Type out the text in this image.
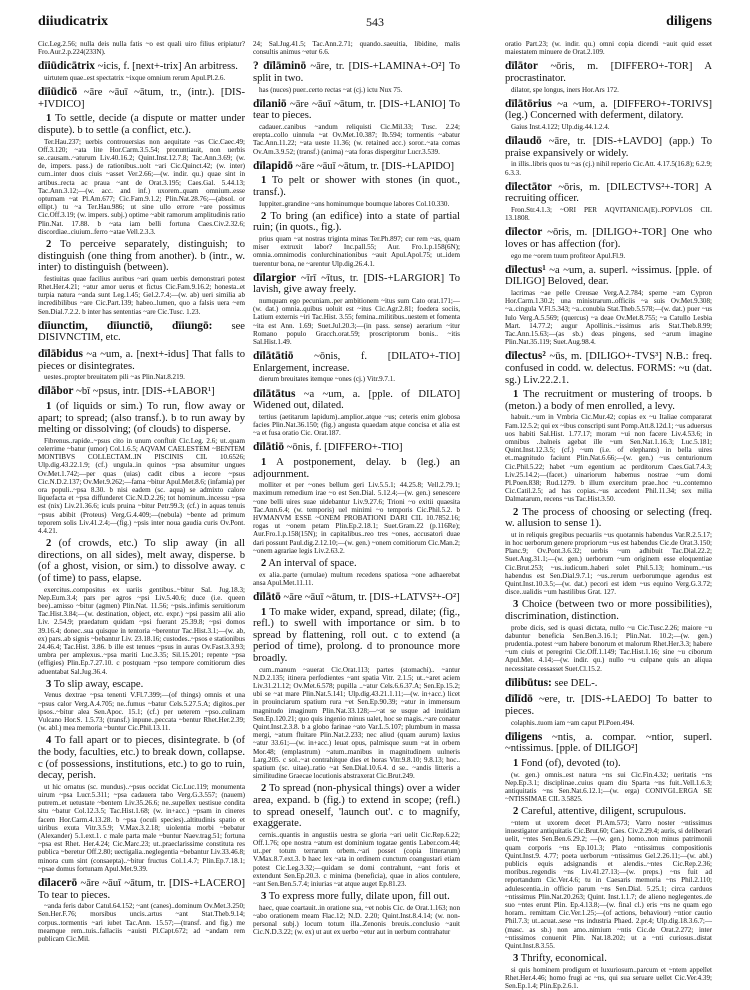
diiudicatrix	543	diligens
Cic.Leg.2.56; nulla deis nulla fatis ~o est quali uiro filius eripiatur? Fro.Aur.2.p.224(233N).
dīiūdicātrix ~icis, f. [next+-trix] An arbitress.
uirtutem quae..est spectatrix ~ixque omnium rerum Apul.Pl.2.6.
dīiūdicō ~āre ~āuī ~ātum, tr., (intr.). [DIS-+IVDICO]
1 To settle, decide (a dispute or matter under dispute). b to settle (a conflict, etc.).
Ter.Hau.237; uerbis controuersias non aequitate ~as Cic.Caec.49; Off.3.120; ~ata lite Hor.Carm.3.5.54; pronuntiauit, non uerbis se..causam..~aturum Liv.40.16.2; Quint.Inst.12.7.8; Tac.Ann.3.69; (w. de, impers. pass.) de rationibus..uolt ~ari Cic.Quinct.42; (w. inter) cum..inter duos ciuis ~asset Ver.2.66;—(w. indir. qu.) quae sint in artibus..recta ac praua ~ant de Orat.3.195; Caes.Gal. 5.44.13; Tac.Ann.3.12;—(w. acc. and inf.) uxorem..quam omnium..esse optumam ~at Pl.Am.677; Cic.Fam.9.1.2; Plin.Nat.28.76;—(absol. or ellipt.) tu ~a Ter.Hau.986; ut sine ullo errore ~are possimus Cic.Off.3.19; (w. impers. subj.) optime ~abit ramorum amplitudinis ratio Plin.Nat. 17.88. b ~ata iam belli fortuna Caes.Civ.2.32.6; discordiae..ciuium..ferro ~atae Vell.2.3.3.
2 To perceive separately, distinguish; to distinguish (one thing from another). b (intr., w. inter) to distinguish (between).
festiuitas quae facilius auribus ~ari quam uerbis demonstrari potest Rhet.Her.4.21; ~atur amor uerus et fictus Cic.Fam.9.16.2; honesta..et turpia natura ~anda sunt Leg.1.45; Gel.2.7.4;—(w. ab) ueri similia ab incredibilibus ~are Cic.Part.139; habeo..lumen, quo a falsis uera ~em Sen.Dial.7.2.2. b inter has sententias ~are Cic.Tusc. 1.23.
dīiunctim, dīiunctiō, dīiungō: see DISIVNCTIM, etc.
dīlābidus ~a ~um, a. [next+-idus] That falls to pieces or disintegrates.
uestes..propter breuitatem pili ~as Plin.Nat.8.219.
dīlābor ~bī ~psus, intr. [DIS-+LABOR¹]
1 (of liquids or sim.) To run, flow away or apart; to spread; (also transf.). b to run away by melting or dissolving; (of clouds) to disperse.
Fibrenus..rapide..~psus cito in unum confluit Cic.Leg. 2.6; ut..quam celerrime ~batur (umor) Col.1.6.5; AQVAM CAELESTEM ~BENTEM MONTIBVS COLLECTAM..IN PISCINIS CIL 10.6526; Ulp.dig.43.22.1.9; (cf.) ungula..in quinos ~psa absumitur ungues Ov.Met.1.742;—per quas (uias) cadit cibus a iecore ~psus Cic.N.D.2.137; Ov.Met.9.262;—fama ~bitur Apul.Met.8.6; (infamia) per ora populi..~psa 8.30. b nisi eadem (sc. aqua) se admixto calore liquefacta et ~psa diffunderet Cic.N.D.2.26; tot hominum..incessu ~psa est (nix) Liv.21.36.6; iculs pruina ~bitur Petr.99.3; (cf.) in aquas tenuis ~psus abibit (Proteus) Verg.G.4.409;—(nebula) ~bente ad primum teporem solis Liv.41.2.4;—(fig.) ~psis inter noua gaudia curis Ov.Pont. 4.4.21.
2 (of crowds, etc.) To slip away (in all directions, on all sides), melt away, disperse. b (of a ghost, vision, or sim.) to dissolve away. c (of time) to pass, elapse.
exercitus..compositus ex uariis gentibus..~bitur Sal. Jug.18.3; Nep.Eum.3.4; pars per agros ~psi Liv.5.40.6; duce (i.e. queen bee)..amisso ~bitur (agmen) Plin.Nat. 11.56; ~psis..infimis seruitiorum Tac.Hist.3.84;—(w. destination, object, etc. expr.) ~psi passim alii alio Liv. 2.54.9; praedatum quidam ~psi fuerant 25.39.8; ~psi domos 39.16.4; donec..sua quisque in tentoria ~berentur Tac.Hist.3.1;—(w. ab, ex) pars..ab signis ~bebantur Liv. 23.18.16; custodes..~psos e stationibus 24.46.4; Tac.Hist. 3.86. b ille est tenues ~psus in auras Ov.Fast.3.3.93; umbra per amplexus..~psa mariti Luc.3.35; Sil.15.201; repente ~psa (effigies) Plin.Ep.7.27.10. c postquam ~pso tempore comitiorum dies aduentabat Sal.Jug.36.4.
3 To slip away, escape.
Venus dextrae ~psa tenenti V.Fl.7.399;—(of things) omnis et una ~psus calor Verg.A.4.705; ne..fumus ~batur Cels.5.27.5.A; digitos..per ipsos..~bitur alea Sen.Apoc. 15.1; (cf.) per ueterem ~pso..culinam Vulcano Hor.S. 1.5.73; (transf.) inpune..peccata ~bentur Rhet.Her.2.39; (w. abl.) mea memoria ~buntur Cic.Phil.13.11.
4 To fall apart or to pieces, disintegrate. b (of the body, faculties, etc.) to break down, collapse. c (of possessions, institutions, etc.) to go to ruin, decay, perish.
ut hic ornatus (sc. mundus)..~psus occidat Cic.Luc.119; monumenta uirum ~psa Lucr.5.311; ~psa cadauera tabo Verg.G.3.557; (nauem) putrem..et uetustate ~bentem Liv.35.26.6; ne..supellex uestisue condita situ ~batur Col.12.3.5; Tac.Hist.1.68; (w. in+acc.) ~psam in cineres facem Hor.Carm.4.13.28. b ~psa (oculi species)..altitudinis spatio et uiribus exuta Vitr.3.5.9; V.Max.3.2.18; uiolentia morbi ~bebatur (Alexander) 5.1.ext.1. c male parta male ~buntur Naev.trag.51; fortuna ~psa est Rhet. Her.4.24; Cic.Marc.23; ut..praeclarissime constituta res publica ~beretur Off.2.80; uectigalia..neglegentia ~bebantur Liv.33.46.8; minora cum sint (consaepta)..~bitur fructus Col.1.4.7; Plin.Ep.7.18.1; ~psae domus fortunam Apul.Met.9.39.
dīlacerō ~āre ~āuī ~ātum, tr. [DIS-+LACERO] To tear to pieces.
~anda feris dabor Catul.64.152; ~ant (canes)..dominum Ov.Met.3.250; Sen.Her.F.76; morsibus uncis..artus ~ant Stat.Theb.9.14; corpus..tormentis ~ari iubet Tac.Ann. 15.57;—(transf. and fig.) me meamque rem..tuis..fallaciis ~auisti Pl.Capt.672; ad ~andam rem publicam Cic.Mil.
24; Sal.Jug.41.5; Tac.Ann.2.71; quando..saeuitia, libidine, malis consultis animus ~etur 6.6.
? dīlāminō ~āre, tr. [DIS-+LAMINA+-O²] To split in two.
has (nuces) puer..certo rectas ~at (cj.) ictu Nux 75.
dīlaniō ~āre ~āuī ~ātum, tr. [DIS-+LANIO] To tear to pieces.
cadauer..canibus ~andum reliquisti Cic.Mil.33; Tusc. 2.24; erepta..collo uinnula ~at Ov.Met.10.387; Ib.594; tormentis ~abatur Tac.Ann.11.22; ~ata ueste 11.36; (w. retained acc.) soror..~ata comas Ov.Am.3.9.52; (transf.) (anima) ~ata foras dispergitur Lucr.3.539.
dīlapidō ~āre ~āuī ~ātum, tr. [DIS-+LAPIDO]
1 To pelt or shower with stones (in quot., transf.).
Iuppiter..grandine ~ans hominumque boumque labores Col.10.330.
2 To bring (an edifice) into a state of partial ruin; (in quots., fig.).
prius quam ~at nostras triginta minas Ter.Ph.897; cur rem ~as, quam miser extruxit labor? Inc.pall.55; Aur. Fro.1.p.158(6N); omnia..omnimodis conlurchinationibus ~auit Apul.Apol.75; ut..idem tuerentur bona, ne ~arentur Ulp.dig.26.4.1.
dīlargior ~īrī ~ītus, tr. [DIS-+LARGIOR] To lavish, give away freely.
numquam ego pecuniam..per ambitionem ~itus sum Cato orat.171;—(w. dat.) omnia..quibus uoluit est ~itus Cic.Agr.2.81; foedera sociis, Latium externis ~iri Tac.Hist. 3.55; femina..militibus..uestem et fomenta ~ita est Ann. 1.69; Suet.Jul.20.3;—(in pass. sense) aerarium ~itur Romano populo Gracch.orat.59; proscriptorum bonis.. ~itis Sal.Hist.1.49.
dīlātātiō ~ōnis, f. [DILATO+-TIO] Enlargement, increase.
dierum breuitates itemque ~ones (cj.) Vitr.9.7.1.
dīlātātus ~a ~um, a. [pple. of DILATO] Widened out, dilated.
tertius (aetitarum lapidum)..amplior..atque ~us; ceteris enim globosa facies Plin.Nat.36.150; (fig.) angusta quaedam atque concisa et alia est ~a et fusa oratio Cic. Orat.187.
dīlātiō ~ōnis, f. [DIFFERO+-TIO]
1 A postponement, delay. b (leg.) an adjournment.
molliter et per ~ones bellum geri Liv.5.5.1; 44.25.8; Vell.2.79.1; maximum remedium irae ~o est Sen.Dial. 5.12.4;—(w. gen.) senescere ~one belli uires suae uidebantur Liv.9.27.6; Trioni ~o exitii quaesita Tac.Ann.6.4; (w. temporis) uel minimi ~o temporis Cic.Phil.5.2. b HVMANVM ESSE ~ONEM PROBATIONI DARI CIL 10.7852.16; rogas ut ~onem petam Plin.Ep.2.18.1; Suet.Gram.22 (p.116Re); Aur.Fro.1.p.158(15N); in capitalibus..reo tres ~ones, accusatori duae dari possunt Paul.dig.2.12.10;—(w. gen.) ~onem comitiorum Cic.Man.2; ~onem agrariae legis Liv.2.63.2.
2 An interval of space.
ex alia..parte (urnulae) multum recedens spatiosa ~one adhaerebat ansa Apul.Met.11.11.
dīlātō ~āre ~āuī ~ātum, tr. [DIS-+LATVS²+-O²]
1 To make wider, expand, spread, dilate; (fig., refl.) to swell with importance or sim. b to spread by flattening, roll out. c to extend (a period of time), prolong. d to pronounce more broadly.
cum..manum ~auerat Cic.Orat.113; partes (stomachi).. ~antur N.D.2.135; itinera perfodientes ~ant spatia Vitr. 2.1.5; ut..~aret aciem Liv.31.21.12; Ov.Met.6.578; pupilla ..~atur Cels.6.6.37.A; Sen.Ep.15.2; ubi se ~at mare Plin.Nat.5.141; Ulp.dig.43.21.1.11;—(w. in+acc.) licet in prouinciarum spatium rura ~et Sen.Ep.90.39; ~atur in immensum magnitudo imaginum Plin.Nat.33.128;—~at se usque ad inuidiam Sen.Ep.120.21; quo quis ingenio minus ualet, hoc se magis..~are conatur Quint.Inst.2.3.8. b a globo farinae ~ato Var.L.5.107; plumbum in massa mergi, ~atum fluitare Plin.Nat.2.233; nec aliud (quam aurum) laxius ~atur 33.61;—(w. in+acc.) leuat opus, palmisque suum ~at in orbem Mor.48; (emplastrum) ~atum..manibus in magnitudinem uulneris Larg.205. c sol..~at contrahitque dies et horas Vitr.9.8.10; 9.8.13; hoc.. spatium (sc. uitae)..ratio ~at Sen.Dial.10.6.4. d se.. ~andis litteris a similitudine Graecae locutionis abstraxerat Cic.Brut.249.
2 To spread (non-physical things) over a wider area, expand. b (fig.) to extend in scope; (refl.) to spread oneself, 'launch out'. c to magnify, exaggerate.
cernis..quantis in angustiis uestra se gloria ~ari uelit Cic.Rep.6.22; Off.1.76; ope nostra ~atum est dominium togatae gentis Laber.com.44; ut..per totum terrarum orbem..~ari posset (copia litterarum) V.Max.8.7.ext.3. b haec lex ~ata in ordinem cunctum coangustari etiam potest Cic.Leg.3.32;—quidam se domi contrahunt, ~ant foris et extendunt Sen.Ep.20.3. c minima (beneficia), quae in alios contulere, ~ant Sen.Ben.5.7.4; iniurias ~at atque auget Ep.81.23.
3 To express more fully, dilate upon, fill out.
haec, quae coartauit..in oratione sua, ~et nobis Cic. de Orat.1.163; non ~abo orationem meam Flac.12; N.D. 2.20; Quint.Inst.8.4.14; (w. non-personal subj.) locum totum illa..Zenonis breuis..conclusio ~auit Cic.N.D.3.22; (w. ex) ut aut ex uerbo ~etur aut in uerbum contrahatur
oratio Part.23; (w. indir. qu.) omni copia dicendi ~auit quid esset maiestatem minuere de Orat.2.109.
dīlātor ~ōris, m. [DIFFERO+-TOR] A procrastinator.
dilator, spe longus, iners Hor.Ars 172.
dīlātōrius ~a ~um, a. [DIFFERO+-TORIVS] (leg.) Concerned with deferment, dilatory.
Gaius Inst.4.122; Ulp.dig.44.1.2.4.
dīlaudō ~āre, tr. [DIS-+LAVDO] (app.) To praise expansively or widely.
in illis..libris quos tu ~as (cj.) nihil reperio Cic.Att. 4.17.5(16.8); 6.2.9; 6.3.3.
dīlectātor ~ōris, m. [DILECTVS²+-TOR] A recruiting officer.
Fron.Str.4.1.3; ~ORI PER AQVITANICA(E)..POPVLOS CIL 13.1808.
dīlector ~ōris, m. [DILIGO+-TOR] One who loves or has affection (for).
ego me ~orem tuum profiteor Apul.Fl.9.
dīlectus¹ ~a ~um, a. superl. ~issimus. [pple. of DILIGO] Beloved, dear.
lacrimas ~ae pelle Creusae Verg.A.2.784; sperne ~am Cypron Hor.Carm.1.30.2; una ministrarum..officiis ~a suis Ov.Met.9.308; ~a..cingula V.Fl.5.343; ~a..conubia Stat.Theb.5.578;—(w. dat.) puer ~us Iulo Verg.A.5.569; (quercus) ~a deae Ov.Met.8.755; ~a Catullo Lesbia Mart. 14.77.2; augur Apollinis..~issimus aris Stat.Theb.8.99; Tac.Ann.15.63;—(as sb.) deas pingens, sed ~arum imagine Plin.Nat.35.119; Suet.Aug.98.4.
dīlectus² ~ūs, m. [DILIGO+-TVS³] N.B.: freq. confused in codd. w. delectus. FORMS: ~u (dat. sg.) Liv.22.2.1.
1 The recruitment or mustering of troops. b (meton.) a body of men enrolled, a levy.
habuit..~um in Vmbria Cic.Mur.42; copias ex ~u Italiae compararat Fam.12.5.2; qui ex ~ibus conscripti sunt Pomp.Att.8.12d.1; ~us aduersus uos habiti Sal.Hist. 1.77.17; moram ~ui non facere Liv.4.53.6; in omnibus ..balneis agebat ille ~um Sen.Nat.1.16.3; Luc.5.181; Quint.Inst.12.3.5; (cf.) ~um (i.e. of elephants) in bella uires et..magnitudo faciunt Plin.Nat.6.66;—(w. gen.) ~us centurionum Cic.Phil.5.22; habet ~um egentium ac perditorum Caes.Gal.7.4.3; Liv.25.14.2;—(facet.) uinariorum habemus nostrae ~um domi Pl.Poen.838; Rud.1279. b illum exercitum prae..hoc ~u..contemno Cic.Catil.2.5; ad has copias..~us accedent Phil.11.34; sex milia Dalmatarum, recens ~us Tac.Hist.3.50.
2 The process of choosing or selecting (freq. w. allusion to sense 1).
ut in reliquis gregibus pecuariis ~us quotannis habendus Var.R.2.5.17; in hoc uerborum genere propriorum ~us est habendus Cic.de Orat.3.150; Planc.9; Ov.Pont.3.6.32; uerbis ~um adhibuit Tac.Dial.22.2; Suet.Aug.31.1;—(w. gen.) uerborum ~um originem esse eloquentiae Cic.Brut.253; ~us..iudicum..haberi solet Phil.5.13; hominum..~us habendus est Sen.Dial.9.7.1; ~us..rerum uerborumque agendus est Quint.Inst.10.3.5;—(w. dat.) pecori est idem ~us equino Verg.G.3.72; disce..ualidis ~um hastilibus Grat. 127.
3 Choice (between two or more possibilities), discrimination, distinction.
probe dicis, sed is quasi dictata, nullo ~u Cic.Tusc.2.26; maiore ~u dabuntur beneficia Sen.Ben.3.16.1; Plin.Nat. 10.2;—(w. gen.) prudentia..potest ~um habere bonorum et malorum Rhet.Her.3.3; habere ~um ciuis et peregrini Cic.Off.1.149; Tac.Hist.1.16; sine ~u ciborum Apul.Met. 4.14;—(w. indir. qu.) nullo ~u culpane quis an aliqua necessitate cessasset Suet.Cl.15.2.
dīlibūtus: see DEL-.
dīlīdō ~ere, tr. [DIS-+LAEDO] To batter to pieces.
colaphis..tuom iam ~am caput Pl.Poen.494.
dīligens ~ntis, a. compar. ~ntior, superl. ~ntissimus. [pple. of DILIGO²]
1 Fond (of), devoted (to).
(w. gen.) omnis..est natura ~ns sui Cic.Fin.4.32; ueritatis ~ns Nep.Ep.3.1; disciplinae..cuius quam diu Sparta ~ns fuit..Vell.1.6.3; antiquitatis ~ns Sen.Nat.6.12.1;—(w. erga) CONIVGI..ERGA SE ~NTISSIMAE CIL 3.5825.
2 Careful, attentive, diligent, scrupulous.
~ntem ut uxorem decet Pl.Am.573; Varro noster ~ntissimus inuestigator antiquitatis Cic.Brut.60; Caes. Civ.2.29.4; auris, si deliberari uelit, ~ntes Sen.Ben.6.29.2; —(w. gen.) homo..non minus patrimonii quam corporis ~ns Ep.101.3; Plato ~ntissimus compositionis Quint.Inst.9. 4.77; poeta uerborum ~ntissimus Gel.2.26.11;—(w. abl.) publicis equis adsignandis et alendis..~ntes Cic.Rep.2.36; moribus..regendis ~ns Liv.41.27.13;—(w. preps.) ~ns fuit ad reportandum Cic.Ver.4.6; tu in Caesaris memoria ~ns Phil.2.110; adulescentia..in officio parum ~ns Sen.Dial. 5.25.1; circa carduos ~ntissimus Plin.Nat.20.263; Quint. Inst.1.1.7; de alieno neglegentes..de suo ~ntes erunt Plin. Ep.4.13.8;—(w. final cl.) eris ~ns ne quam ego horam.. remittam Cic.Ver.1.25;—(of actions, behaviour) ~ntior cautio Phil.7.3; ut..acuat..sese ~ns industria Phaed. 2.pr.4; Ulp.dig.18.3.6.7;—(masc. as sb.) non amo..nimium ~ntis Cic.de Orat.2.272; inter ~ntissimos conuenit Plin. Nat.18.202; ut a ~nti curiosus..distat Quint.Inst.8.3.55.
3 Thrifty, economical.
si quis hominem prodigum et luxuriosum..parcum et ~ntem appellet Rhet.Her.4.46; homo frugi ac ~ns, qui sua seruare uellet Cic.Ver.4.39; Sen.Ep.1.4; Plin.Ep.2.6.1.
